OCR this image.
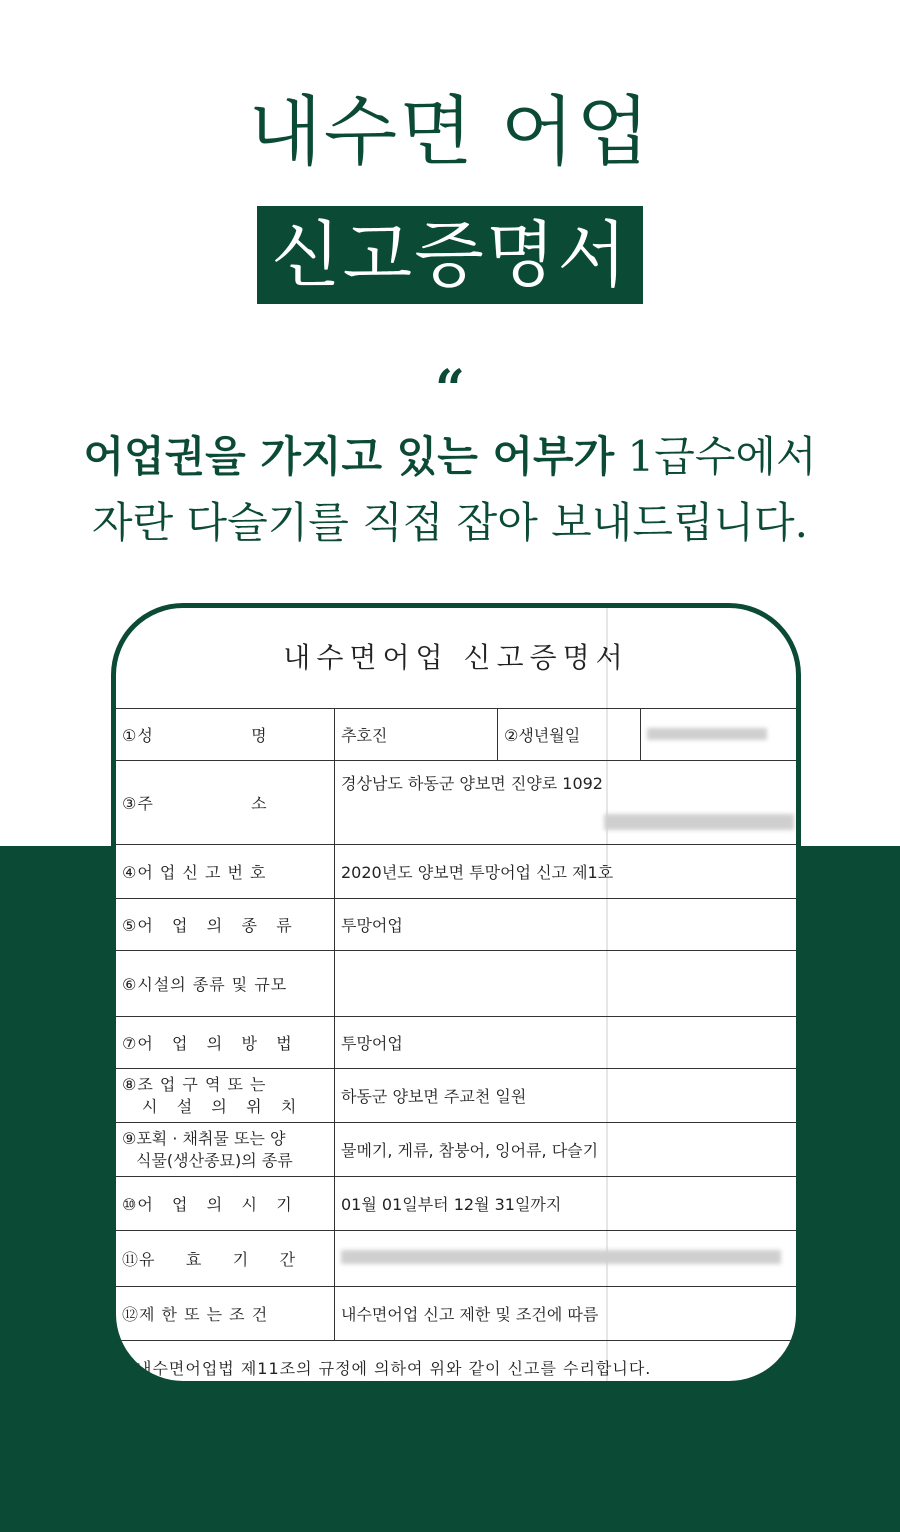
내수면 어업
신고증명서
“
어업권을 가지고 있는 어부가 1급수에서
자란 다슬기를 직접 잡아 보내드립니다.
내수면어업 신고증명서
①성                명	추호진	②생년월일	
③주                소	경상남도 하동군 양보면 진양로 1092		

④어 업 신 고 번 호	2020년도 양보면 투망어업 신고 제1호		
⑤어   업   의   종   류	투망어업		
⑥시설의 종류 및 규모			
⑦어   업   의   방   법	투망어업		

⑧조 업 구 역 또 는
시   설   의   위   치	하동군 양보면 주교천 일원		

⑨포획 · 채취물 또는 양
식물(생산종묘)의 종류	물메기, 게류, 참붕어, 잉어류, 다슬기		
⑩어   업   의   시   기	01월 01일부터 12월 31일까지		
⑪유     효     기     간			
⑫제 한 또 는 조 건	내수면어업 신고 제한 및 조건에 따름		
내수면어업법 제11조의 규정에 의하여 위와 같이 신고를 수리합니다.
